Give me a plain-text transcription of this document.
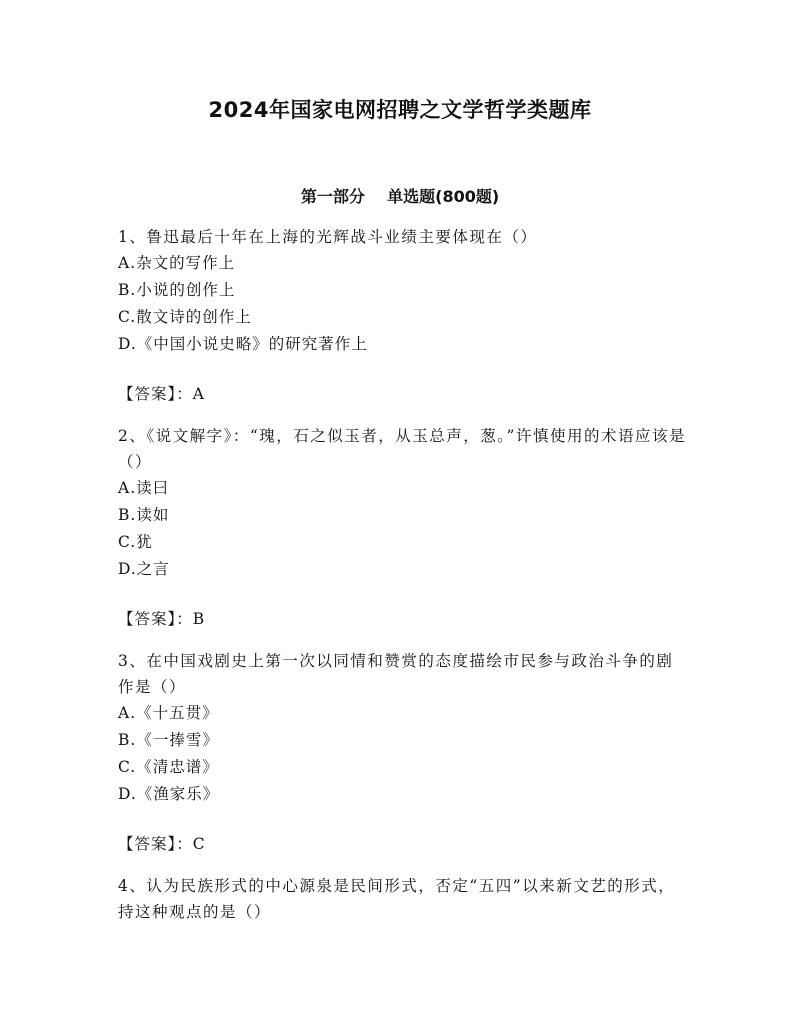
2024年国家电网招聘之文学哲学类题库
第一部分    单选题(800题)
1、鲁迅最后十年在上海的光辉战斗业绩主要体现在（）
A.杂文的写作上
B.小说的创作上
C.散文诗的创作上
D.《中国小说史略》的研究著作上
【答案】：A
2、《说文解字》：“瑰，石之似玉者，从玉总声，葱。”许慎使用的术语应该是（）
A.读曰
B.读如
C.犹
D.之言
【答案】：B
3、在中国戏剧史上第一次以同情和赞赏的态度描绘市民参与政治斗争的剧作是（）
A.《十五贯》
B.《一捧雪》
C.《清忠谱》
D.《渔家乐》
【答案】：C
4、认为民族形式的中心源泉是民间形式，否定“五四”以来新文艺的形式，持这种观点的是（）
